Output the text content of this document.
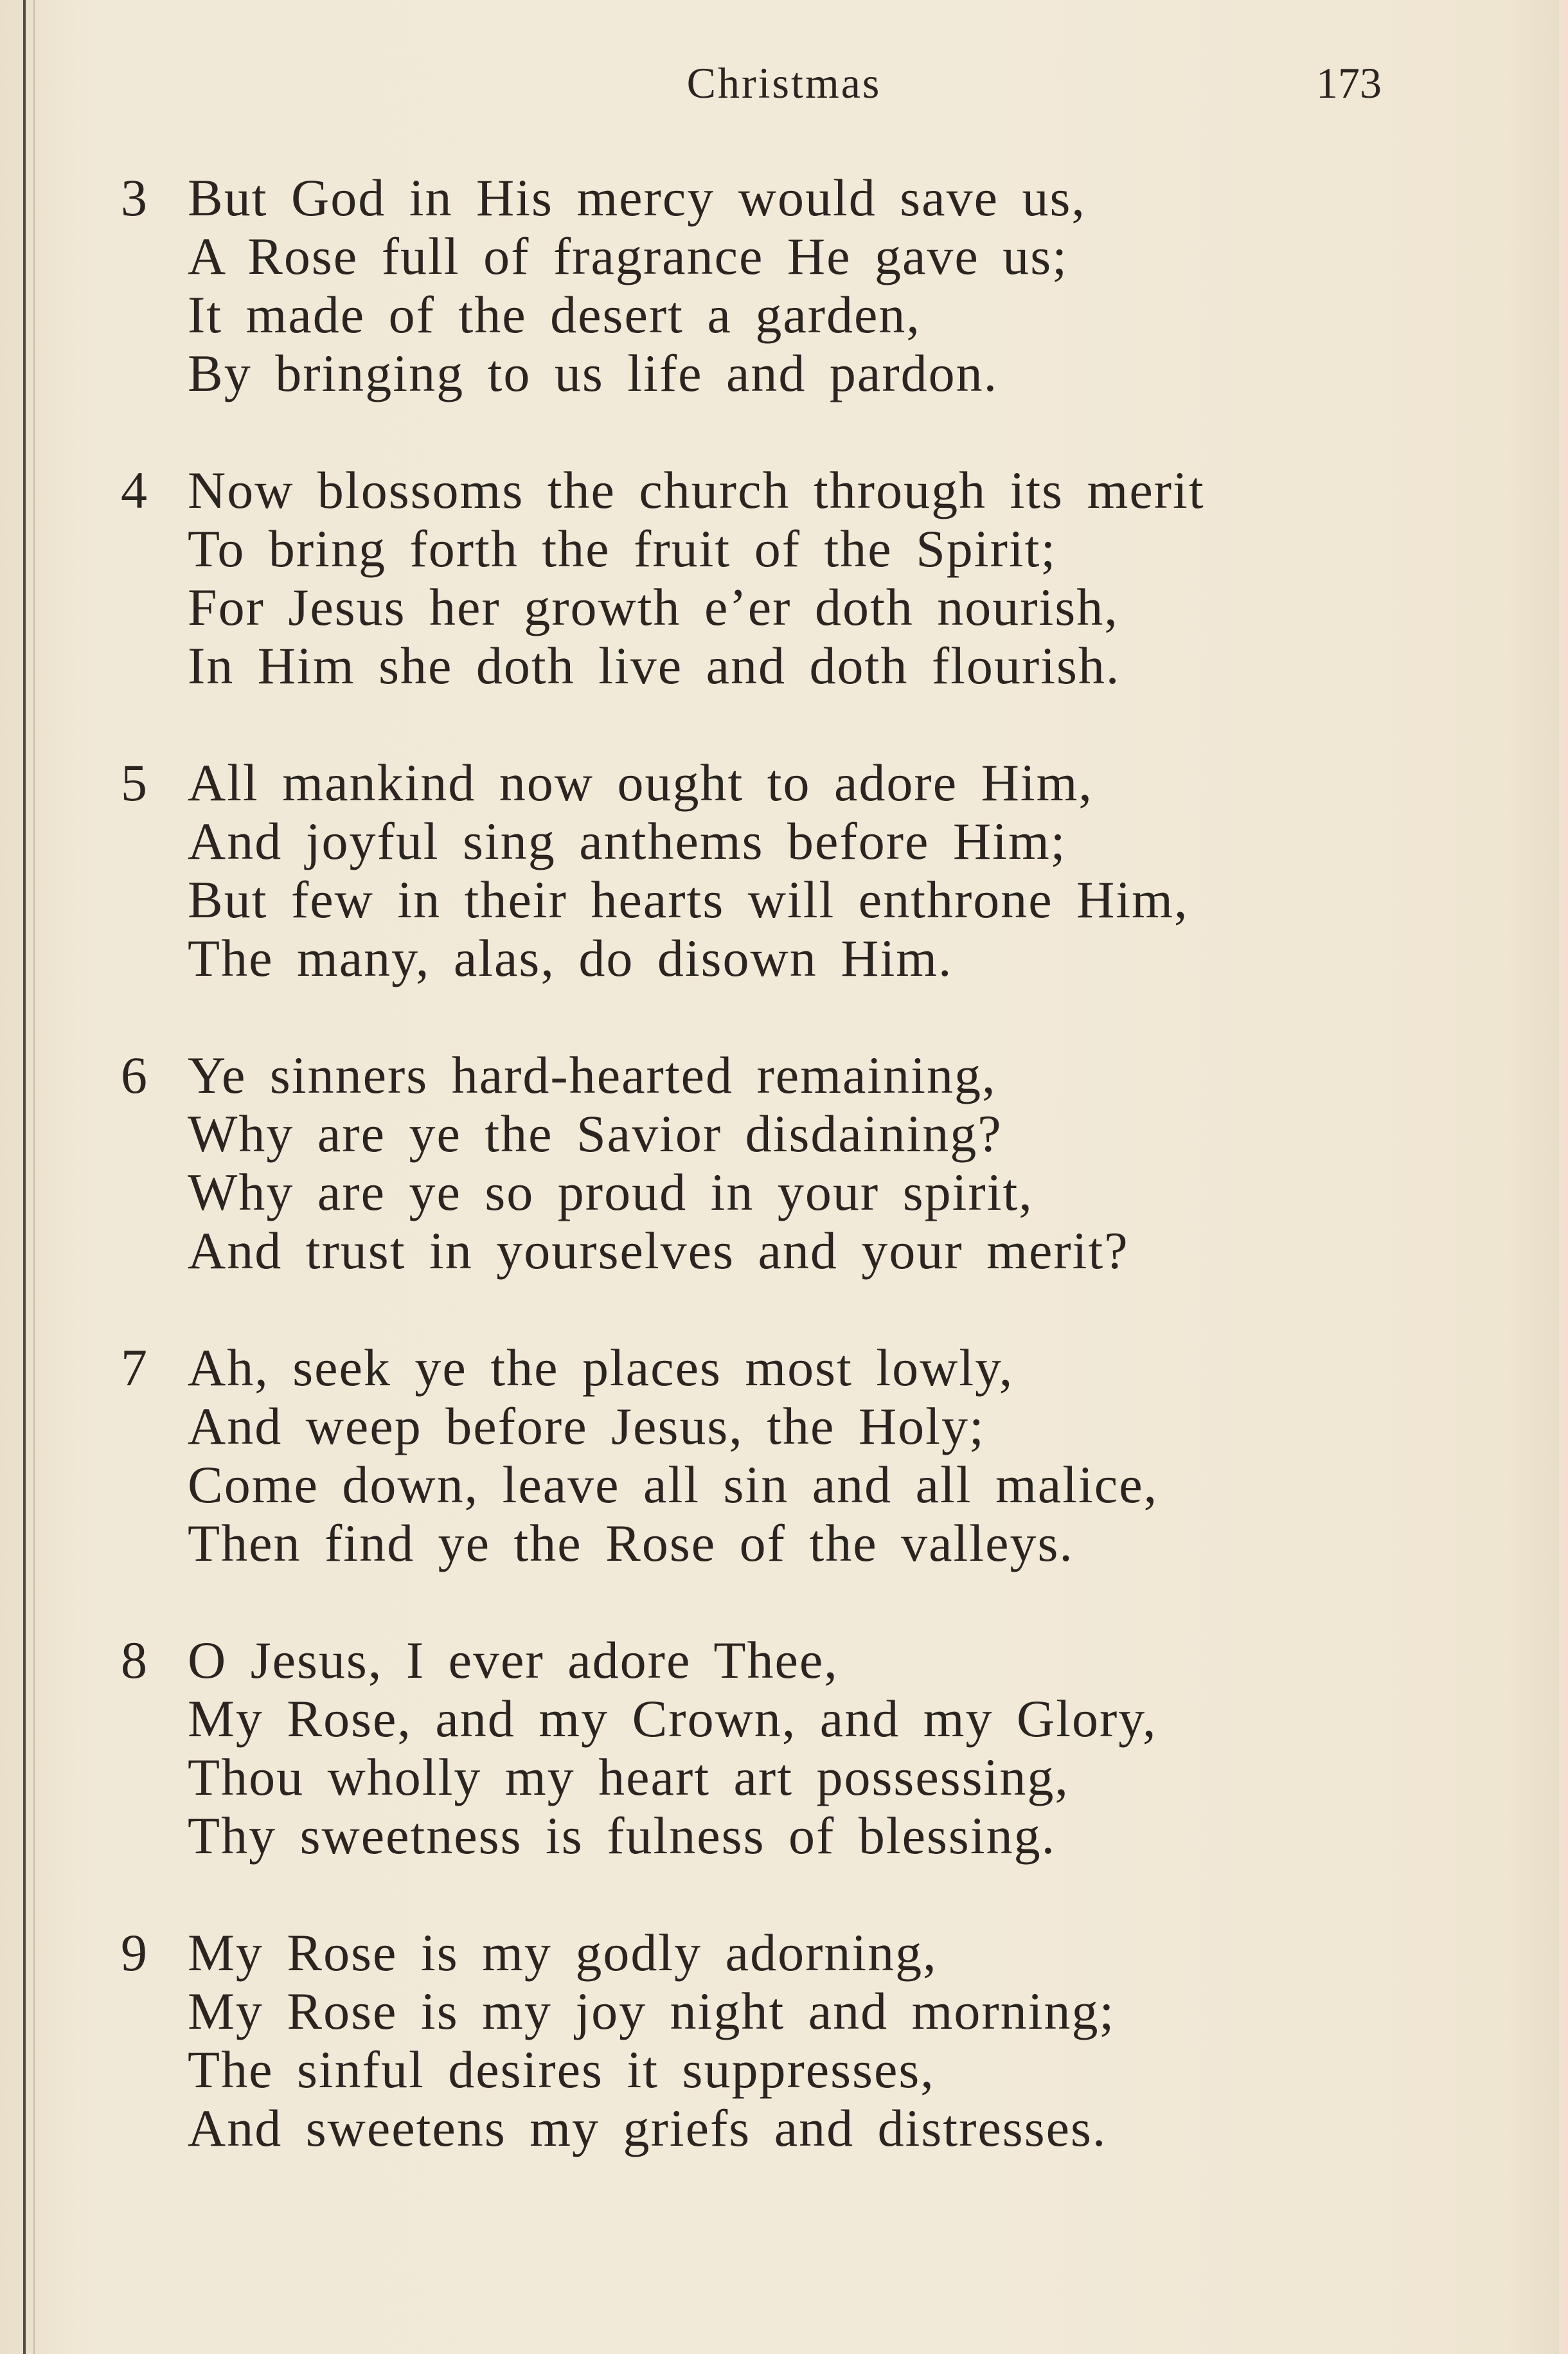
Christmas	173
3 But God in His mercy would save us,
A Rose full of fragrance He gave us;
It made of the desert a garden,
By bringing to us life and pardon.
4 Now blossoms the church through its merit
To bring forth the fruit of the Spirit;
For Jesus her growth e’er doth nourish,
In Him she doth live and doth flourish.
5 All mankind now ought to adore Him,
And joyful sing anthems before Him;
But few in their hearts will enthrone Him,
The many, alas, do disown Him.
6 Ye sinners hard-hearted remaining,
Why are ye the Savior disdaining?
Why are ye so proud in your spirit,
And trust in yourselves and your merit?
7 Ah, seek ye the places most lowly,
And weep before Jesus, the Holy;
Come down, leave all sin and all malice,
Then find ye the Rose of the valleys.
8 O Jesus, I ever adore Thee,
My Rose, and my Crown, and my Glory,
Thou wholly my heart art possessing,
Thy sweetness is fulness of blessing.
9 My Rose is my godly adorning,
My Rose is my joy night and morning;
The sinful desires it suppresses,
And sweetens my griefs and distresses.
